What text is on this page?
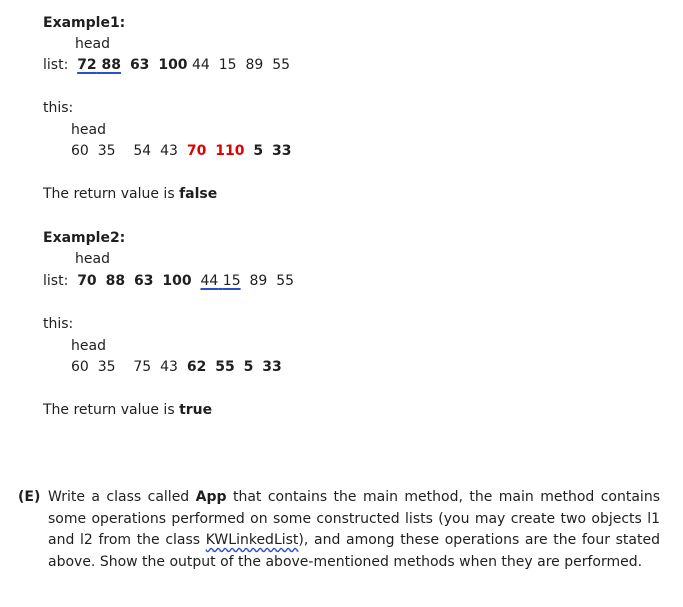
Example1:
head
list: 72 88 63 100 44 15 89 55
this:
head
60 35 54 43 70 110 5 33
The return value is false
Example2:
head
list: 70 88 63 100 44 15 89 55
this:
head
60 35 75 43 62 55 5 33
The return value is true
(E) Write a class called App that contains the main method, the main method contains some operations performed on some constructed lists (you may create two objects l1 and l2 from the class KWLinkedList), and among these operations are the four stated above. Show the output of the above-mentioned methods when they are performed.
